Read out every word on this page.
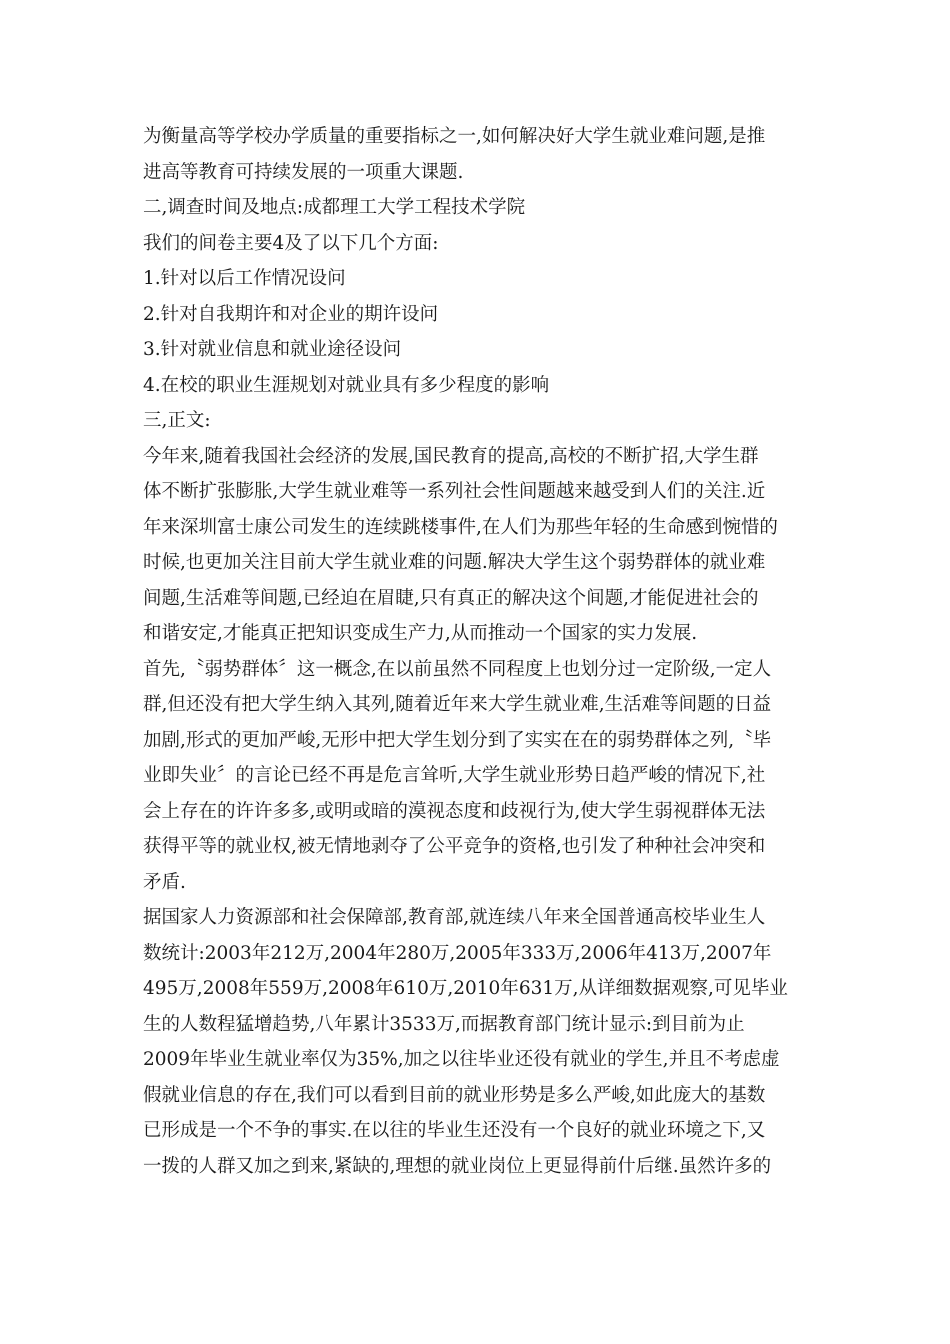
为衡量高等学校办学质量的重要指标之一,如何解决好大学生就业难问题,是推
进高等教育可持续发展的一项重大课题.
二,调查时间及地点:成都理工大学工程技术学院
我们的间卷主要4及了以下几个方面:
1.针对以后工作情况设问
2.针对自我期许和对企业的期许设问
3.针对就业信息和就业途径设问
4.在校的职业生涯规划对就业具有多少程度的影响
三,正文:
今年来,随着我国社会经济的发展,国民教育的提高,高校的不断扩招,大学生群
体不断扩张膨胀,大学生就业难等一系列社会性间题越来越受到人们的关注.近
年来深圳富士康公司发生的连续跳楼事件,在人们为那些年轻的生命感到惋惜的
时候,也更加关注目前大学生就业难的问题.解决大学生这个弱势群体的就业难
间题,生活难等间题,已经迫在眉睫,只有真正的解决这个间题,才能促进社会的
和谐安定,才能真正把知识变成生产力,从而推动一个国家的实力发展.
首先,〝弱势群体〞这一概念,在以前虽然不同程度上也划分过一定阶级,一定人
群,但还没有把大学生纳入其列,随着近年来大学生就业难,生活难等间题的日益
加剧,形式的更加严峻,无形中把大学生划分到了实实在在的弱势群体之列,〝毕
业即失业〞的言论已经不再是危言耸听,大学生就业形势日趋严峻的情况下,社
会上存在的许许多多,或明或暗的漠视态度和歧视行为,使大学生弱视群体无法
获得平等的就业权,被无情地剥夺了公平竞争的资格,也引发了种种社会冲突和
矛盾.
据国家人力资源部和社会保障部,教育部,就连续八年来全国普通高校毕业生人
数统计:2003年212万,2004年280万,2005年333万,2006年413万,2007年
495万,2008年559万,2008年610万,2010年631万,从详细数据观察,可见毕业
生的人数程猛增趋势,八年累计3533万,而据教育部门统计显示:到目前为止
2009年毕业生就业率仅为35%,加之以往毕业还役有就业的学生,并且不考虑虚
假就业信息的存在,我们可以看到目前的就业形势是多么严峻,如此庞大的基数
已形成是一个不争的事实.在以往的毕业生还没有一个良好的就业环境之下,又
一拨的人群又加之到来,紧缺的,理想的就业岗位上更显得前什后继.虽然许多的
